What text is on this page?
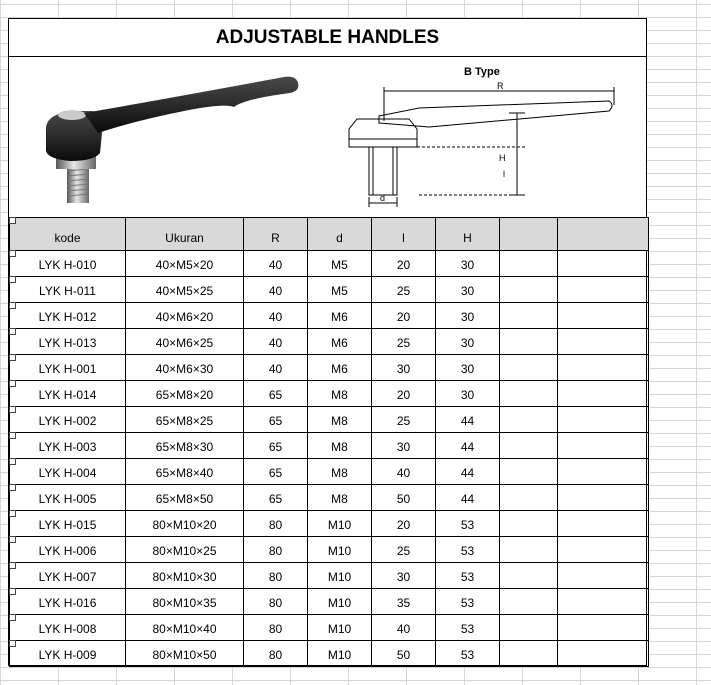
ADJUSTABLE HANDLES
B Type
R
H
l
d
kode	Ukuran	R	d	l	H		

LYK H-010	40×M5×20	40	M5	20	30		

LYK H-011	40×M5×25	40	M5	25	30		

LYK H-012	40×M6×20	40	M6	20	30		

LYK H-013	40×M6×25	40	M6	25	30		

LYK H-001	40×M6×30	40	M6	30	30		

LYK H-014	65×M8×20	65	M8	20	30		

LYK H-002	65×M8×25	65	M8	25	44		

LYK H-003	65×M8×30	65	M8	30	44		

LYK H-004	65×M8×40	65	M8	40	44		

LYK H-005	65×M8×50	65	M8	50	44		

LYK H-015	80×M10×20	80	M10	20	53		

LYK H-006	80×M10×25	80	M10	25	53		

LYK H-007	80×M10×30	80	M10	30	53		

LYK H-016	80×M10×35	80	M10	35	53		

LYK H-008	80×M10×40	80	M10	40	53		

LYK H-009	80×M10×50	80	M10	50	53		
